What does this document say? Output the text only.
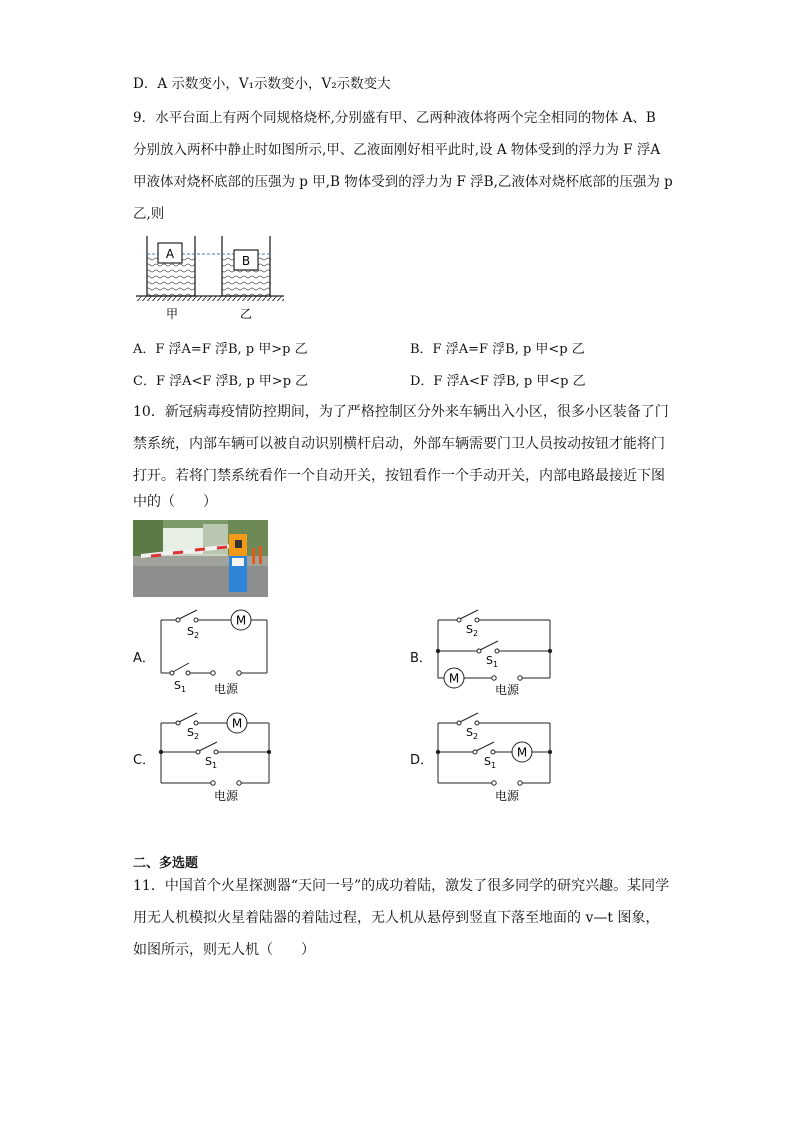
D．A 示数变小，V₁示数变小，V₂示数变大
9．水平台面上有两个同规格烧杯,分别盛有甲、乙两种液体将两个完全相同的物体 A、B
分别放入两杯中静止时如图所示,甲、乙液面刚好相平此时,设 A 物体受到的浮力为 F 浮A
甲液体对烧杯底部的压强为 p 甲,B 物体受到的浮力为 F 浮B,乙液体对烧杯底部的压强为 p
乙,则
A	B
甲	乙
A．F 浮A=F 浮B, p 甲>p 乙	B．F 浮A=F 浮B, p 甲<p 乙
C．F 浮A<F 浮B, p 甲>p 乙	D．F 浮A<F 浮B, p 甲<p 乙
10．新冠病毒疫情防控期间，为了严格控制区分外来车辆出入小区，很多小区装备了门
禁系统，内部车辆可以被自动识别横杆启动，外部车辆需要门卫人员按动按钮才能将门
打开。若将门禁系统看作一个自动开关，按钮看作一个手动开关，内部电路最接近下图
中的（　　）
A．
M
$S_2$
$S_1$ 电源
B．
M
$S_2$
$S_1$
电源
C．
M
$S_2$
$S_1$
电源
D．
M
$S_2$
$S_1$
电源
二、多选题
11．中国首个火星探测器“天问一号”的成功着陆，激发了很多同学的研究兴趣。某同学
用无人机模拟火星着陆器的着陆过程，无人机从悬停到竖直下落至地面的 v—t 图象，
如图所示，则无人机（　　）
